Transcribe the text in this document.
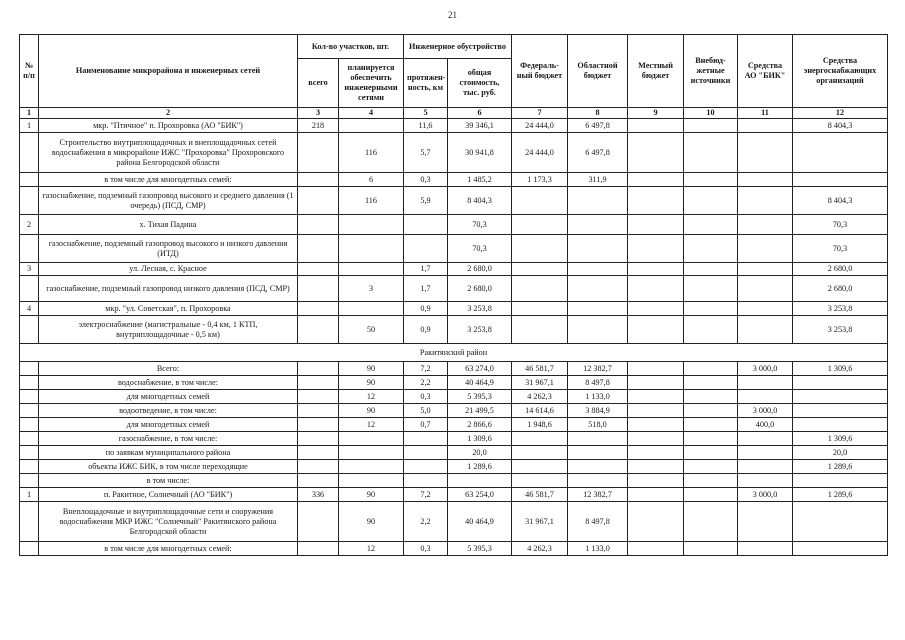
21
№ п/п	Наименование микрорайона и инженерных сетей	Кол-во участков, шт.		Инженерное обустройство		Федераль-ный бюджет	Областной бюджет	Местный бюджет	Внебюд-жетные источники	Средства АО "БИК"	Средства энергоснабжающих организаций
		всего	планируется обеспечить инженерными сетями	протяжен-ность, км	общая стоимость, тыс. руб.						
1	2	3	4	5	6	7	8	9	10	11	12
1	мкр. "Птичное" п. Прохоровка (АО "БИК")	218		11,6	39 346,1	24 444,0	6 497,8				8 404,3
	Строительство внутриплощадочных и внеплощадочных сетей водоснабжения в микрорайоне ИЖС "Прохоровка" Прохоровского района Белгородской области		116	5,7	30 941,8	24 444,0	6 497,8				
	в том числе для многодетных семей:		6	0,3	1 485,2	1 173,3	311,9				
	газоснабжение, подземный газопровод высокого и среднего давления (1 очередь) (ПСД, СМР)		116	5,9	8 404,3						8 404,3
2	х. Тихая Падина				70,3						70,3
	газоснабжение, подземный газопровод высокого и низкого давления (ИТД)				70,3						70,3
3	ул. Лесная, с. Красное			1,7	2 680,0						2 680,0
	газоснабжение, подземный газопровод низкого давления (ПСД, СМР)		3	1,7	2 680,0						2 680,0
4	мкр. "ул. Советская", п. Прохоровка			0,9	3 253,8						3 253,8
	электроснабжение (магистральные - 0,4 км, 1 КТП, внутриплощадочные - 0,5 км)		50	0,9	3 253,8						3 253,8
Ракитянский район											
	Всего:		90	7,2	63 274,0	46 581,7	12 382,7			3 000,0	1 309,6
	водоснабжение, в том числе:		90	2,2	40 464,9	31 967,1	8 497,8				
	для многодетных семей		12	0,3	5 395,3	4 262,3	1 133,0				
	водоотведение, в том числе:		90	5,0	21 499,5	14 614,6	3 884,9			3 000,0	
	для многодетных семей		12	0,7	2 866,6	1 948,6	518,0			400,0	
	газоснабжение, в том числе:				1 309,6						1 309,6
	по заявкам муниципального района				20,0						20,0
	объекты ИЖС БИК, в том числе переходящие				1 289,6						1 289,6
	в том числе:										
1	п. Ракитное, Солнечный (АО "БИК")	336	90	7,2	63 254,0	46 581,7	12 382,7			3 000,0	1 289,6
	Внеплощадочные и внутриплощадочные сети и сооружения водоснабжения МКР ИЖС "Солнечный" Ракитянского района Белгородской области		90	2,2	40 464,9	31 967,1	8 497,8				
	в том числе для многодетных семей:		12	0,3	5 395,3	4 262,3	1 133,0				
